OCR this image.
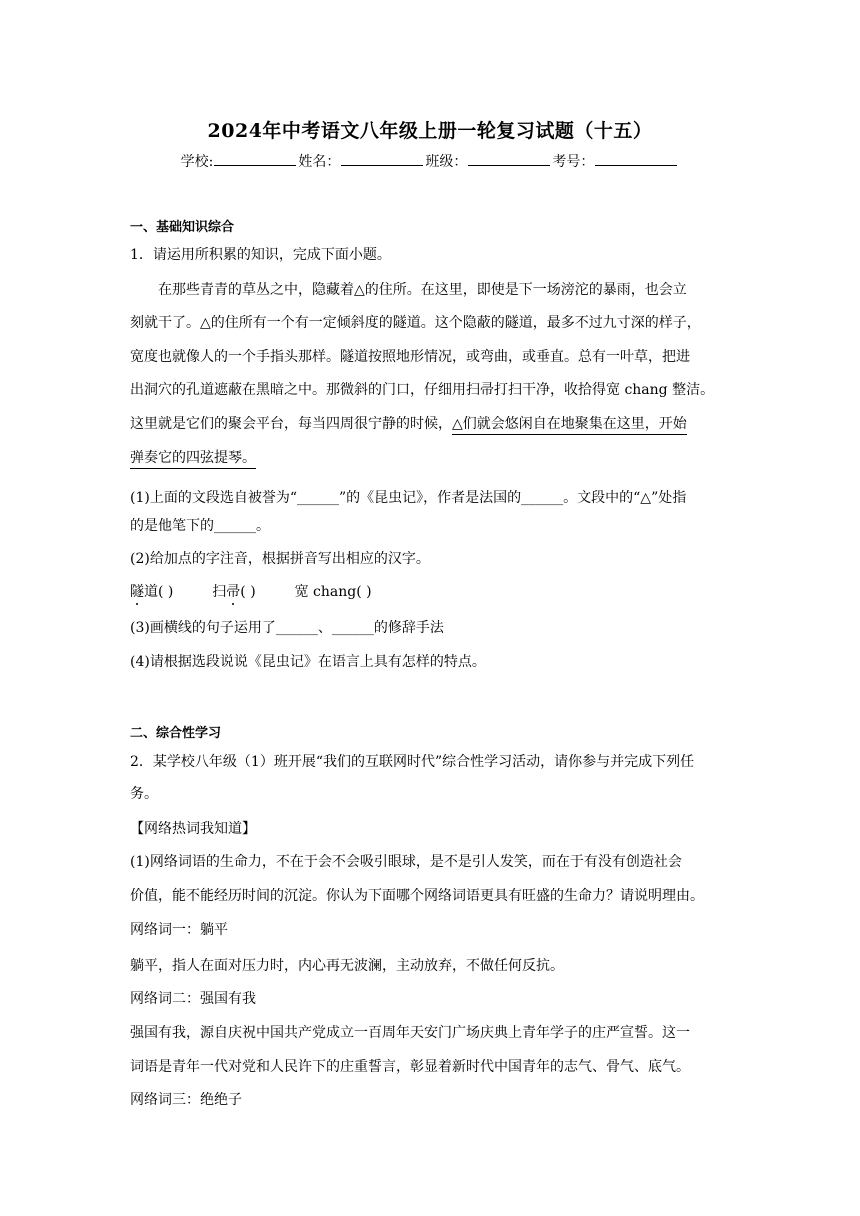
2024年中考语文八年级上册一轮复习试题（十五）
学校:	姓名：	班级：	考号：
一、基础知识综合
1．请运用所积累的知识，完成下面小题。
在那些青青的草丛之中，隐藏着△的住所。在这里，即使是下一场滂沱的暴雨，也会立
刻就干了。△的住所有一个有一定倾斜度的隧道。这个隐蔽的隧道，最多不过九寸深的样子，
宽度也就像人的一个手指头那样。隧道按照地形情况，或弯曲，或垂直。总有一叶草，把进
出洞穴的孔道遮蔽在黑暗之中。那微斜的门口，仔细用扫帚打扫干净，收拾得宽 chang 整洁。
这里就是它们的聚会平台，每当四周很宁静的时候，△们就会悠闲自在地聚集在这里，开始
弹奏它的四弦提琴。
(1)上面的文段选自被誉为“______”的《昆虫记》，作者是法国的______。文段中的“△”处指
的是他笔下的______。
(2)给加点的字注音，根据拼音写出相应的汉字。
隧道( )	扫帚( )	宽 chang( )
(3)画横线的句子运用了______、______的修辞手法
(4)请根据选段说说《昆虫记》在语言上具有怎样的特点。
二、综合性学习
2．某学校八年级（1）班开展“我们的互联网时代”综合性学习活动，请你参与并完成下列任
务。
【网络热词我知道】
(1)网络词语的生命力，不在于会不会吸引眼球，是不是引人发笑，而在于有没有创造社会
价值，能不能经历时间的沉淀。你认为下面哪个网络词语更具有旺盛的生命力？请说明理由。
网络词一：躺平
躺平，指人在面对压力时，内心再无波澜，主动放弃，不做任何反抗。
网络词二：强国有我
强国有我，源自庆祝中国共产党成立一百周年天安门广场庆典上青年学子的庄严宣誓。这一
词语是青年一代对党和人民许下的庄重誓言，彰显着新时代中国青年的志气、骨气、底气。
网络词三：绝绝子
